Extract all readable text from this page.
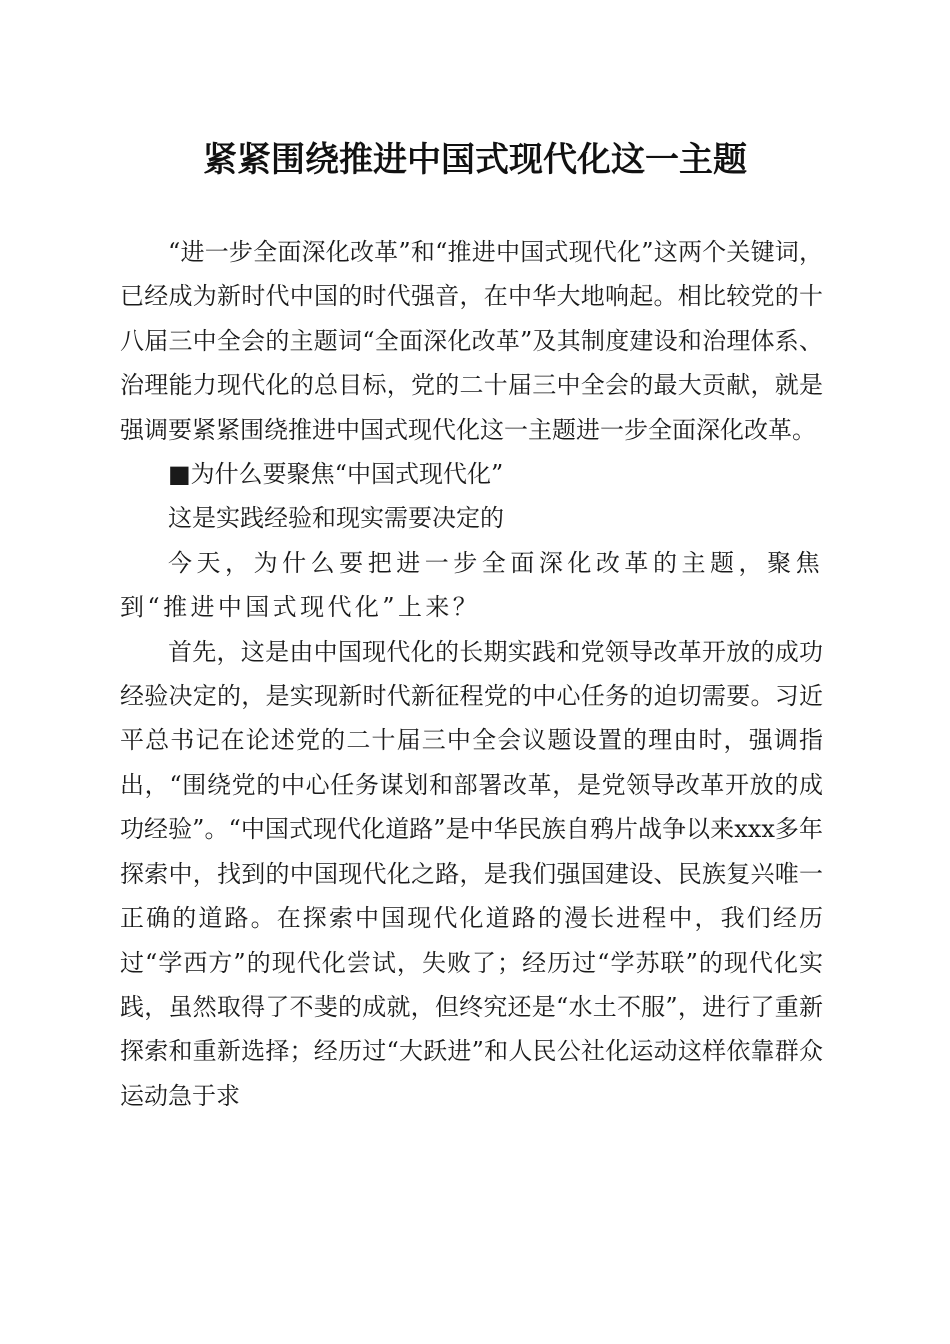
紧紧围绕推进中国式现代化这一主题

“进一步全面深化改革”和“推进中国式现代化”这两个关键词，已经成为新时代中国的时代强音，在中华大地响起。相比较党的十八届三中全会的主题词“全面深化改革”及其制度建设和治理体系、治理能力现代化的总目标，党的二十届三中全会的最大贡献，就是强调要紧紧围绕推进中国式现代化这一主题进一步全面深化改革。

■为什么要聚焦“中国式现代化”

这是实践经验和现实需要决定的

今天，为什么要把进一步全面深化改革的主题，聚焦到“推进中国式现代化”上来？

首先，这是由中国现代化的长期实践和党领导改革开放的成功经验决定的，是实现新时代新征程党的中心任务的迫切需要。习近平总书记在论述党的二十届三中全会议题设置的理由时，强调指出，“围绕党的中心任务谋划和部署改革，是党领导改革开放的成功经验”。“中国式现代化道路”是中华民族自鸦片战争以来xxx多年探索中，找到的中国现代化之路，是我们强国建设、民族复兴唯一正确的道路。在探索中国现代化道路的漫长进程中，我们经历过“学西方”的现代化尝试，失败了；经历过“学苏联”的现代化实践，虽然取得了不斐的成就，但终究还是“水土不服”，进行了重新探索和重新选择；经历过“大跃进”和人民公社化运动这样依靠群众运动急于求
